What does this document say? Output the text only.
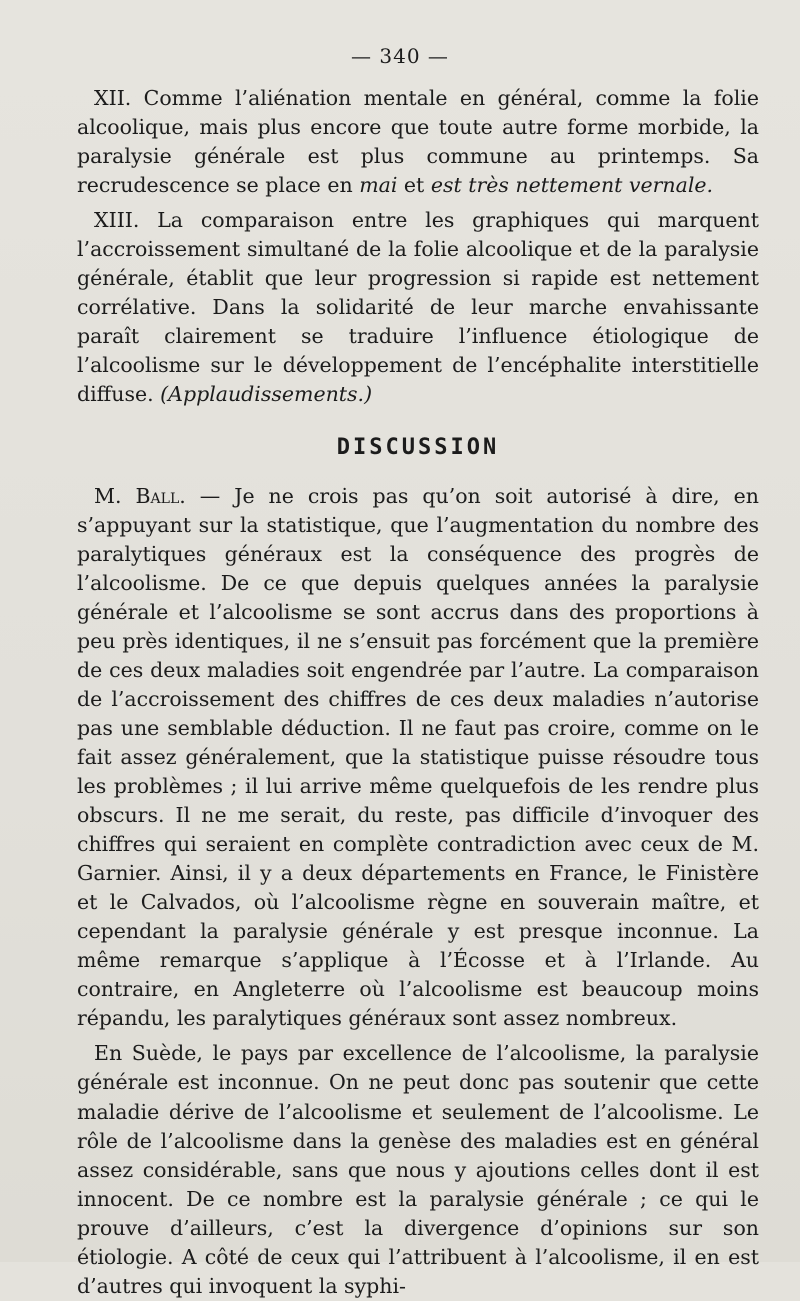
— 340 —

XII. Comme l’aliénation mentale en général, comme la folie alcoolique, mais plus encore que toute autre forme morbide, la paralysie générale est plus commune au printemps. Sa recrudescence se place en mai et est très nettement vernale.

XIII. La comparaison entre les graphiques qui marquent l’accroissement simultané de la folie alcoolique et de la paralysie générale, établit que leur progression si rapide est nettement corrélative. Dans la solidarité de leur marche envahissante paraît clairement se traduire l’influence étiologique de l’alcoolisme sur le développement de l’encéphalite interstitielle diffuse. (Applaudissements.)

DISCUSSION

M. Ball. — Je ne crois pas qu’on soit autorisé à dire, en s’appuyant sur la statistique, que l’augmentation du nombre des paralytiques généraux est la conséquence des progrès de l’alcoolisme. De ce que depuis quelques années la paralysie générale et l’alcoolisme se sont accrus dans des proportions à peu près identiques, il ne s’ensuit pas forcément que la première de ces deux maladies soit engendrée par l’autre. La comparaison de l’accroissement des chiffres de ces deux maladies n’autorise pas une semblable déduction. Il ne faut pas croire, comme on le fait assez généralement, que la statistique puisse résoudre tous les problèmes ; il lui arrive même quelquefois de les rendre plus obscurs. Il ne me serait, du reste, pas difficile d’invoquer des chiffres qui seraient en complète contradiction avec ceux de M. Garnier. Ainsi, il y a deux départements en France, le Finistère et le Calvados, où l’alcoolisme règne en souverain maître, et cependant la paralysie générale y est presque inconnue. La même remarque s’applique à l’Écosse et à l’Irlande. Au contraire, en Angleterre où l’alcoolisme est beaucoup moins répandu, les paralytiques généraux sont assez nombreux.

En Suède, le pays par excellence de l’alcoolisme, la paralysie générale est inconnue. On ne peut donc pas soutenir que cette maladie dérive de l’alcoolisme et seulement de l’alcoolisme. Le rôle de l’alcoolisme dans la genèse des maladies est en général assez considérable, sans que nous y ajoutions celles dont il est innocent. De ce nombre est la paralysie générale ; ce qui le prouve d’ailleurs, c’est la divergence d’opinions sur son étiologie. A côté de ceux qui l’attribuent à l’alcoolisme, il en est d’autres qui invoquent la syphi-
